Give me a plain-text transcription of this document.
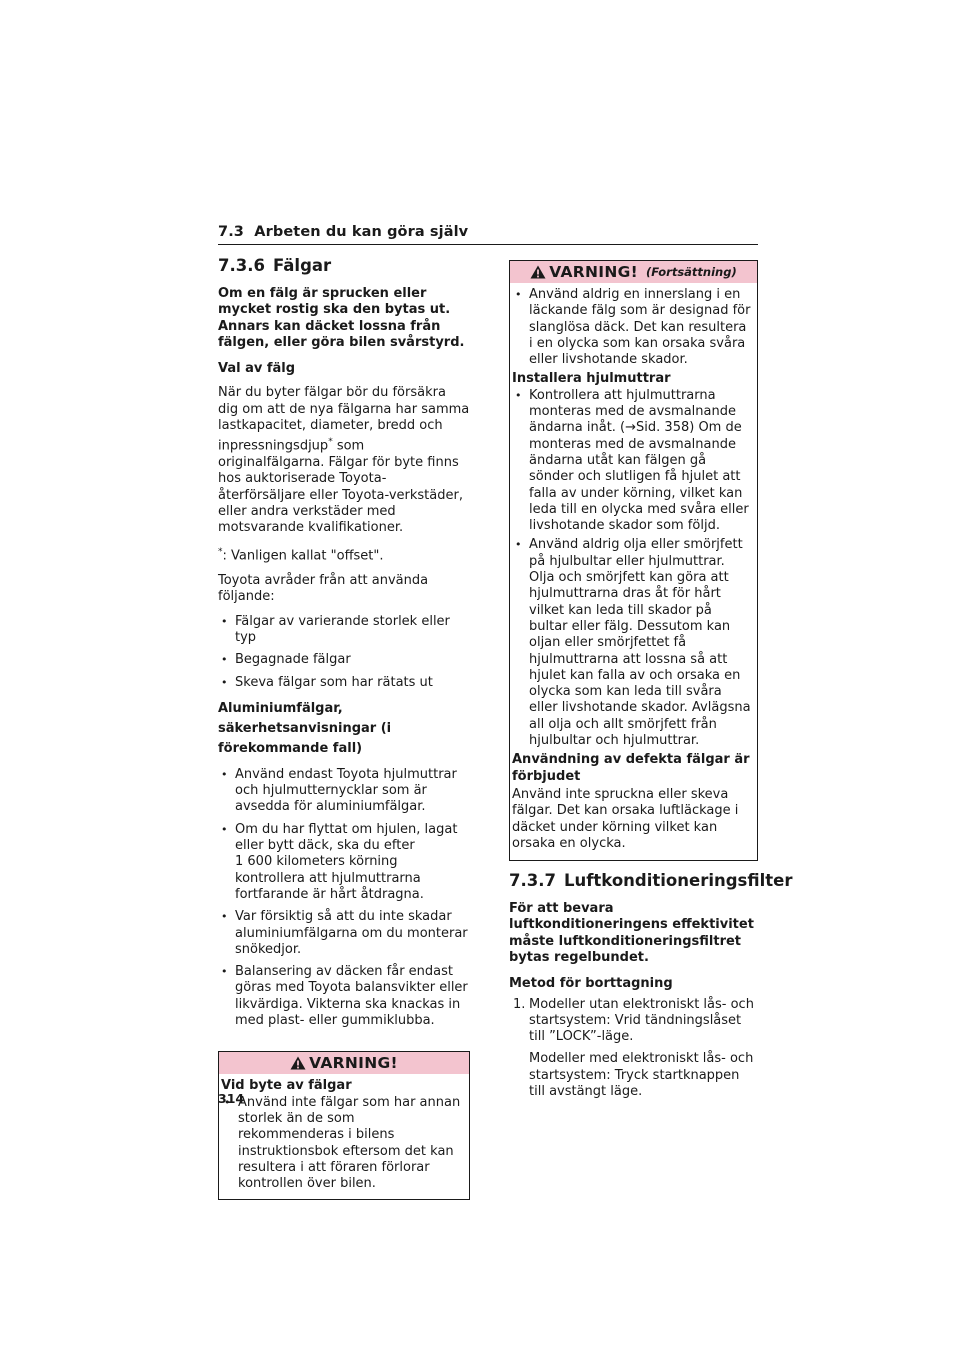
7.3 Arbeten du kan göra själv
7.3.6 Fälgar
Om en fälg är sprucken eller mycket rostig ska den bytas ut. Annars kan däcket lossna från fälgen, eller göra bilen svårstyrd.
Val av fälg

När du byter fälgar bör du försäkra dig om att de nya fälgarna har samma lastkapacitet, diameter, bredd och inpressningsdjup* som originalfälgarna. Fälgar för byte finns hos auktoriserade Toyota-återförsäljare eller Toyota-verkstäder, eller andra verkstäder med motsvarande kvalifikationer.

*: Vanligen kallat "offset".

Toyota avråder från att använda följande:

• Fälgar av varierande storlek eller typ
• Begagnade fälgar
• Skeva fälgar som har rätats ut
Aluminiumfälgar, säkerhetsanvisningar (i förekommande fall)
• Använd endast Toyota hjulmuttrar och hjulmutternycklar som är avsedda för aluminiumfälgar.
• Om du har flyttat om hjulen, lagat eller bytt däck, ska du efter
1 600 kilometers körning kontrollera att hjulmuttrarna fortfarande är hårt åtdragna.
• Var försiktig så att du inte skadar aluminiumfälgarna om du monterar snökedjor.
• Balansering av däcken får endast göras med Toyota balansvikter eller likvärdiga. Vikterna ska knackas in med plast- eller gummiklubba.
VARNING!
Vid byte av fälgar
• Använd inte fälgar som har annan storlek än de som rekommenderas i bilens instruktionsbok eftersom det kan resultera i att föraren förlorar kontrollen över bilen.
VARNING! (Fortsättning)
• Använd aldrig en innerslang i en läckande fälg som är designad för slanglösa däck. Det kan resultera i en olycka som kan orsaka svåra eller livshotande skador.
Installera hjulmuttrar
• Kontrollera att hjulmuttrarna monteras med de avsmalnande ändarna inåt. (→Sid. 358) Om de monteras med de avsmalnande ändarna utåt kan fälgen gå sönder och slutligen få hjulet att falla av under körning, vilket kan leda till en olycka med svåra eller livshotande skador som följd.
• Använd aldrig olja eller smörjfett på hjulbultar eller hjulmuttrar. Olja och smörjfett kan göra att hjulmuttrarna dras åt för hårt vilket kan leda till skador på bultar eller fälg. Dessutom kan oljan eller smörjfettet få hjulmuttrarna att lossna så att hjulet kan falla av och orsaka en olycka som kan leda till svåra eller livshotande skador. Avlägsna all olja och allt smörjfett från hjulbultar och hjulmuttrar.
Användning av defekta fälgar är förbjudet

Använd inte spruckna eller skeva fälgar. Det kan orsaka luftläckage i däcket under körning vilket kan orsaka en olycka.

7.3.7 Luftkonditioneringsfilter
För att bevara luftkonditioneringens effektivitet måste luftkonditioneringsfiltret bytas regelbundet.
Metod för borttagning
1. Modeller utan elektroniskt lås- och startsystem: Vrid tändningslåset till ”LOCK”-läge.
Modeller med elektroniskt lås- och startsystem: Tryck startknappen till avstängt läge.
314
